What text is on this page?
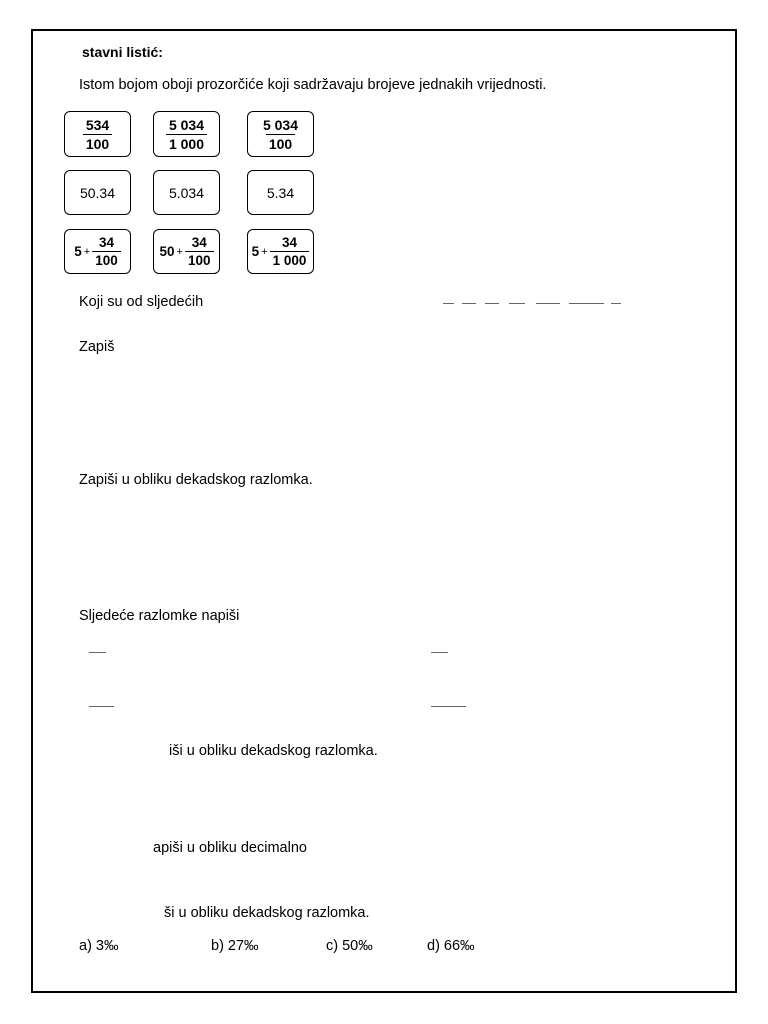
stavni listić:
Istom bojom oboji prozorčiće koji sadržavaju brojeve jednakih vrijednosti.
$\frac{534}{100}$	$\frac{5 034}{1 000}$	$\frac{5 034}{100}$
50.34	5.034	5.34
$5 + \frac{34}{100}$	$50 + \frac{34}{100}$	$5 + \frac{34}{1 000}$
Koji su od sljedećih
Zapiš
Zapiši u obliku dekadskog razlomka.
Sljedeće razlomke napiši
iši u obliku dekadskog razlomka.
apiši u obliku decimalno
ši u obliku dekadskog razlomka.
a) 3‰	b) 27‰	c) 50‰	d) 66‰
